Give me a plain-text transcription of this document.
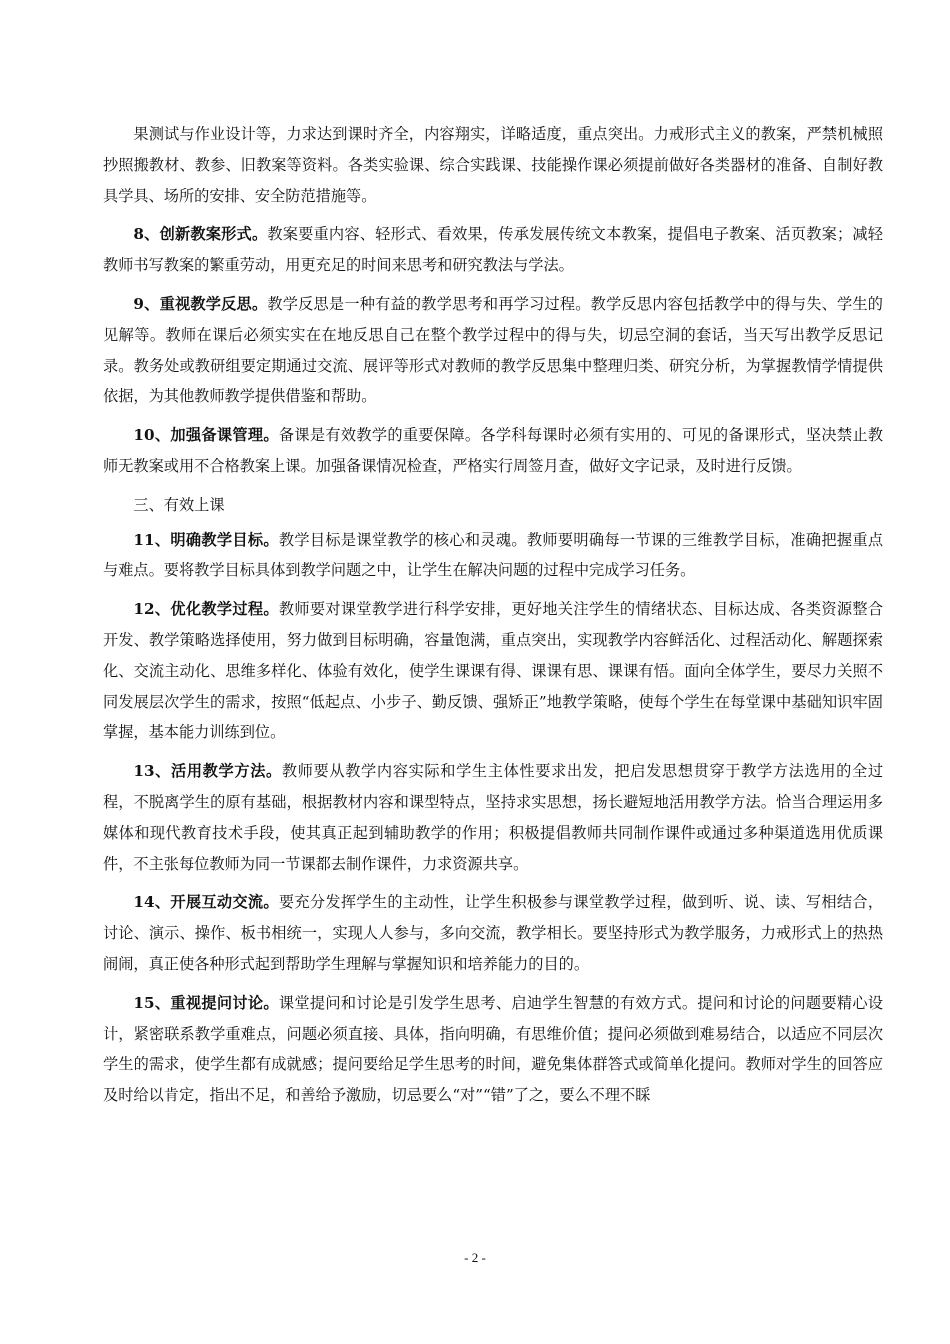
果测试与作业设计等，力求达到课时齐全，内容翔实，详略适度，重点突出。力戒形式主义的教案，严禁机械照抄照搬教材、教参、旧教案等资料。各类实验课、综合实践课、技能操作课必须提前做好各类器材的准备、自制好教具学具、场所的安排、安全防范措施等。

8、创新教案形式。教案要重内容、轻形式、看效果，传承发展传统文本教案，提倡电子教案、活页教案；减轻教师书写教案的繁重劳动，用更充足的时间来思考和研究教法与学法。

9、重视教学反思。教学反思是一种有益的教学思考和再学习过程。教学反思内容包括教学中的得与失、学生的见解等。教师在课后必须实实在在地反思自己在整个教学过程中的得与失，切忌空洞的套话，当天写出教学反思记录。教务处或教研组要定期通过交流、展评等形式对教师的教学反思集中整理归类、研究分析，为掌握教情学情提供依据，为其他教师教学提供借鉴和帮助。

10、加强备课管理。备课是有效教学的重要保障。各学科每课时必须有实用的、可见的备课形式，坚决禁止教师无教案或用不合格教案上课。加强备课情况检查，严格实行周签月查，做好文字记录，及时进行反馈。

三、有效上课

11、明确教学目标。教学目标是课堂教学的核心和灵魂。教师要明确每一节课的三维教学目标，准确把握重点与难点。要将教学目标具体到教学问题之中，让学生在解决问题的过程中完成学习任务。

12、优化教学过程。教师要对课堂教学进行科学安排，更好地关注学生的情绪状态、目标达成、各类资源整合开发、教学策略选择使用，努力做到目标明确，容量饱满，重点突出，实现教学内容鲜活化、过程活动化、解题探索化、交流主动化、思维多样化、体验有效化，使学生课课有得、课课有思、课课有悟。面向全体学生，要尽力关照不同发展层次学生的需求，按照“低起点、小步子、勤反馈、强矫正”地教学策略，使每个学生在每堂课中基础知识牢固掌握，基本能力训练到位。

13、活用教学方法。教师要从教学内容实际和学生主体性要求出发，把启发思想贯穿于教学方法选用的全过程，不脱离学生的原有基础，根据教材内容和课型特点，坚持求实思想，扬长避短地活用教学方法。恰当合理运用多媒体和现代教育技术手段，使其真正起到辅助教学的作用；积极提倡教师共同制作课件或通过多种渠道选用优质课件，不主张每位教师为同一节课都去制作课件，力求资源共享。

14、开展互动交流。要充分发挥学生的主动性，让学生积极参与课堂教学过程，做到听、说、读、写相结合，讨论、演示、操作、板书相统一，实现人人参与，多向交流，教学相长。要坚持形式为教学服务，力戒形式上的热热闹闹，真正使各种形式起到帮助学生理解与掌握知识和培养能力的目的。

15、重视提问讨论。课堂提问和讨论是引发学生思考、启迪学生智慧的有效方式。提问和讨论的问题要精心设计，紧密联系教学重难点，问题必须直接、具体，指向明确，有思维价值；提问必须做到难易结合，以适应不同层次学生的需求，使学生都有成就感；提问要给足学生思考的时间，避免集体群答式或简单化提问。教师对学生的回答应及时给以肯定，指出不足，和善给予激励，切忌要么“对”“错”了之，要么不理不睬

- 2 -
